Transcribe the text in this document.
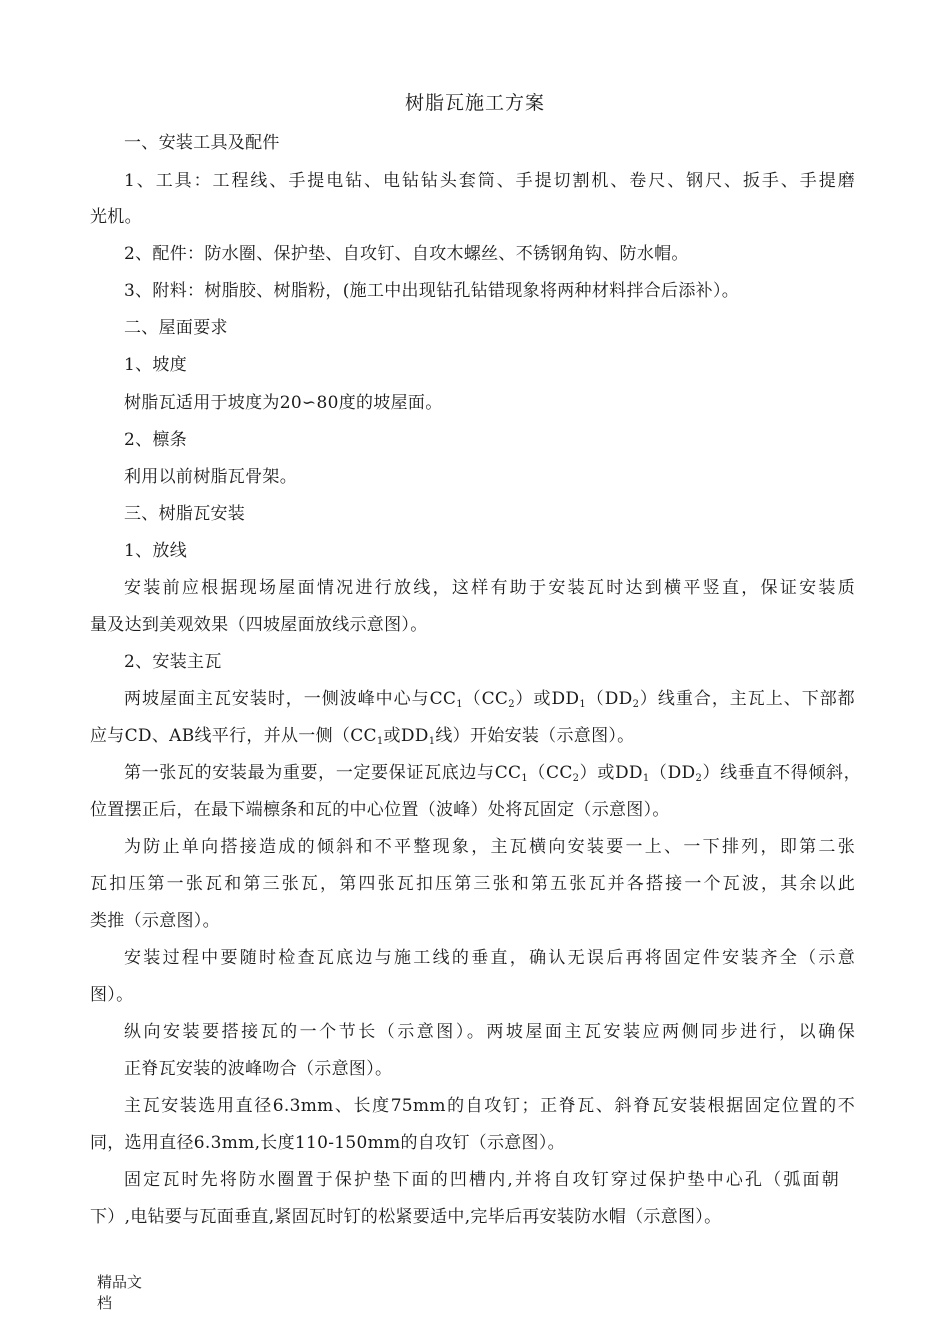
树脂瓦施工方案
一、安装工具及配件
1、工具：工程线、手提电钻、电钻钻头套筒、手提切割机、卷尺、钢尺、扳手、手提磨
光机。
2、配件：防水圈、保护垫、自攻钉、自攻木螺丝、不锈钢角钩、防水帽。
3、附料：树脂胶、树脂粉，(施工中出现钻孔钻错现象将两种材料拌合后添补）。
二、屋面要求
1、坡度
树脂瓦适用于坡度为20∽80度的坡屋面。
2、檩条
利用以前树脂瓦骨架。
三、树脂瓦安装
1、放线
安装前应根据现场屋面情况进行放线，这样有助于安装瓦时达到横平竖直，保证安装质
量及达到美观效果（四坡屋面放线示意图）。
2、安装主瓦
两坡屋面主瓦安装时，一侧波峰中心与$CC_1(CC_2)$或$DD_1(DD_2)$线重合，主瓦上、下部都
应与CD、AB线平行，并从一侧（$CC_1$或$DD_1$线）开始安装（示意图）。
第一张瓦的安装最为重要，一定要保证瓦底边与$CC_1(CC_2)$或$DD_1(DD_2)$线垂直不得倾斜，
位置摆正后，在最下端檩条和瓦的中心位置（波峰）处将瓦固定（示意图）。
为防止单向搭接造成的倾斜和不平整现象，主瓦横向安装要一上、一下排列，即第二张
瓦扣压第一张瓦和第三张瓦，第四张瓦扣压第三张和第五张瓦并各搭接一个瓦波，其余以此
类推（示意图）。
安装过程中要随时检查瓦底边与施工线的垂直，确认无误后再将固定件安装齐全（示意
图）。
纵向安装要搭接瓦的一个节长（示意图）。两坡屋面主瓦安装应两侧同步进行，以确保
正脊瓦安装的波峰吻合（示意图）。
主瓦安装选用直径6.3mm、长度75mm的自攻钉；正脊瓦、斜脊瓦安装根据固定位置的不
同，选用直径6.3mm,长度110-150mm的自攻钉（示意图）。
固定瓦时先将防水圈置于保护垫下面的凹槽内,并将自攻钉穿过保护垫中心孔（弧面朝
下）,电钻要与瓦面垂直,紧固瓦时钉的松紧要适中,完毕后再安装防水帽（示意图）。
精品文
档
